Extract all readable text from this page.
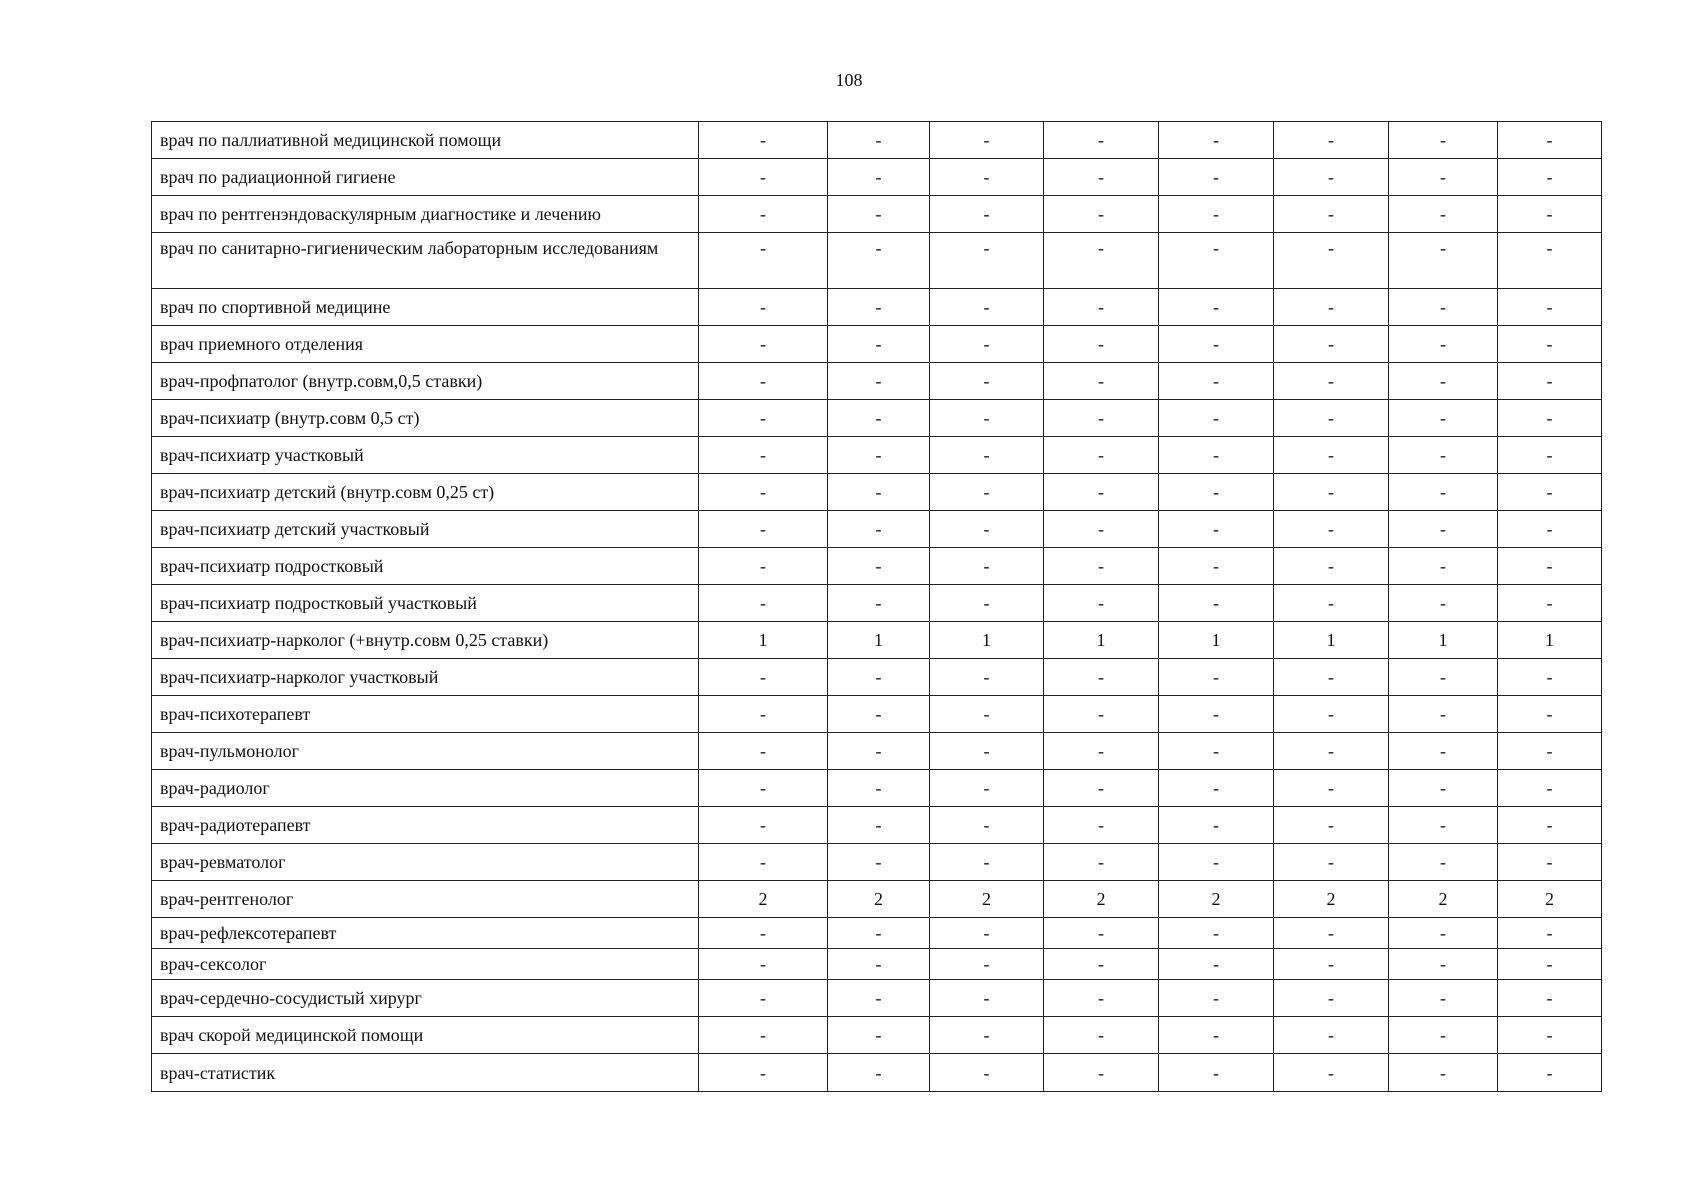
108
врач по паллиативной медицинской помощи	-	-	-	-	-	-	-	-
врач по радиационной гигиене	-	-	-	-	-	-	-	-
врач по рентгенэндоваскулярным диагностике и лечению	-	-	-	-	-	-	-	-
врач по санитарно-гигиеническим лабораторным исследованиям	-	-	-	-	-	-	-	-
врач по спортивной медицине	-	-	-	-	-	-	-	-
врач приемного отделения	-	-	-	-	-	-	-	-
врач-профпатолог (внутр.совм,0,5 ставки)	-	-	-	-	-	-	-	-
врач-психиатр (внутр.совм 0,5 ст)	-	-	-	-	-	-	-	-
врач-психиатр участковый	-	-	-	-	-	-	-	-
врач-психиатр детский (внутр.совм 0,25 ст)	-	-	-	-	-	-	-	-
врач-психиатр детский участковый	-	-	-	-	-	-	-	-
врач-психиатр подростковый	-	-	-	-	-	-	-	-
врач-психиатр подростковый участковый	-	-	-	-	-	-	-	-
врач-психиатр-нарколог (+внутр.совм 0,25 ставки)	1	1	1	1	1	1	1	1
врач-психиатр-нарколог участковый	-	-	-	-	-	-	-	-
врач-психотерапевт	-	-	-	-	-	-	-	-
врач-пульмонолог	-	-	-	-	-	-	-	-
врач-радиолог	-	-	-	-	-	-	-	-
врач-радиотерапевт	-	-	-	-	-	-	-	-
врач-ревматолог	-	-	-	-	-	-	-	-
врач-рентгенолог	2	2	2	2	2	2	2	2
врач-рефлексотерапевт	-	-	-	-	-	-	-	-
врач-сексолог	-	-	-	-	-	-	-	-
врач-сердечно-сосудистый хирург	-	-	-	-	-	-	-	-
врач скорой медицинской помощи	-	-	-	-	-	-	-	-
врач-статистик	-	-	-	-	-	-	-	-
